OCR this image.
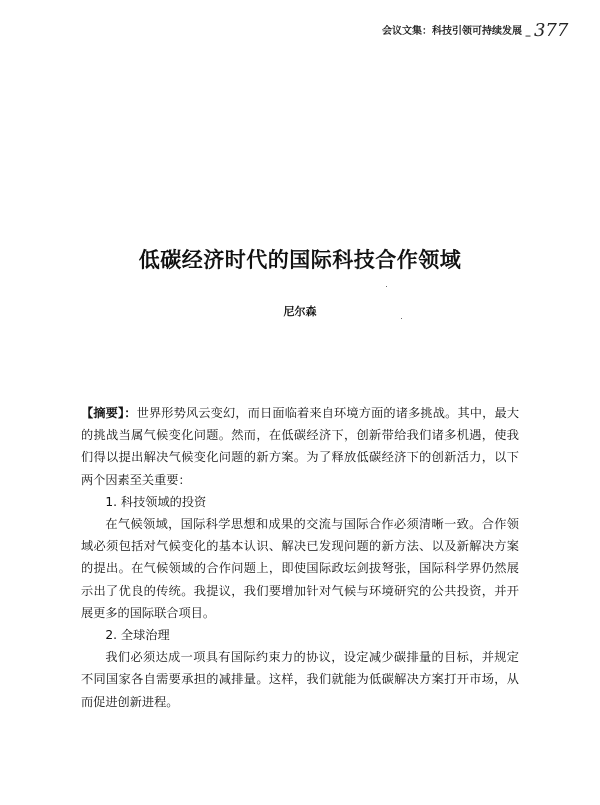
会议文集：科技引领可持续发展 _ 377
低碳经济时代的国际科技合作领域
尼尔森

【摘要】：世界形势风云变幻，而日面临着来自环境方面的诸多挑战。其中，最大的挑战当属气候变化问题。然而，在低碳经济下，创新带给我们诸多机遇，使我们得以提出解决气候变化问题的新方案。为了释放低碳经济下的创新活力，以下两个因素至关重要：

1. 科技领域的投资

在气候领域，国际科学思想和成果的交流与国际合作必须清晰一致。合作领域必须包括对气候变化的基本认识、解决已发现问题的新方法、以及新解决方案的提出。在气候领域的合作问题上，即使国际政坛剑拔弩张，国际科学界仍然展示出了优良的传统。我提议，我们要增加针对气候与环境研究的公共投资，并开展更多的国际联合项目。

2. 全球治理

我们必须达成一项具有国际约束力的协议，设定减少碳排量的目标，并规定不同国家各自需要承担的减排量。这样，我们就能为低碳解决方案打开市场，从而促进创新进程。
